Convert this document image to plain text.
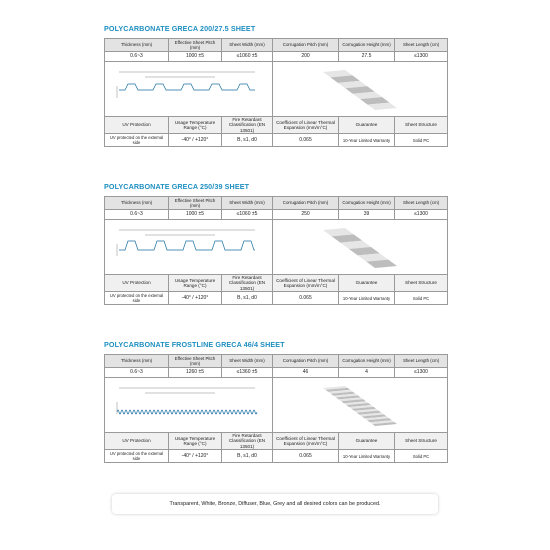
POLYCARBONATE GRECA 200/27.5 SHEET
Thickness (mm)	Effective Sheet Pitch (mm)	Sheet Width (mm)	Corrugation Pitch (mm)	Corrugation Height (mm)	Sheet Length (cm)
0.6~3	1000 ±5	≤1060 ±5	200	27.5	≤1300

UV Protection	Usage Temperature Range (°C)	Fire Retardant Classification (EN 13501)	Coefficient of Linear Thermal Expansion (mm/m°C)	Guarantee	Sheet Structure
UV protected on the external side	-40° / +120°	B, s1, d0	0.065	10-Year Limited Warranty	Solid PC
POLYCARBONATE GRECA 250/39 SHEET
Thickness (mm)	Effective Sheet Pitch (mm)	Sheet Width (mm)	Corrugation Pitch (mm)	Corrugation Height (mm)	Sheet Length (cm)
0.6~3	1000 ±5	≤1060 ±5	250	39	≤1300

UV Protection	Usage Temperature Range (°C)	Fire Retardant Classification (EN 13501)	Coefficient of Linear Thermal Expansion (mm/m°C)	Guarantee	Sheet Structure
UV protected on the external side	-40° / +120°	B, s1, d0	0.065	10-Year Limited Warranty	Solid PC
POLYCARBONATE FROSTLINE GRECA 46/4 SHEET
Thickness (mm)	Effective Sheet Pitch (mm)	Sheet Width (mm)	Corrugation Pitch (mm)	Corrugation Height (mm)	Sheet Length (cm)
0.6~3	1260 ±5	≤1360 ±5	46	4	≤1300

UV Protection	Usage Temperature Range (°C)	Fire Retardant Classification (EN 13501)	Coefficient of Linear Thermal Expansion (mm/m°C)	Guarantee	Sheet Structure
UV protected on the external side	-40° / +120°	B, s1, d0	0.065	10-Year Limited Warranty	Solid PC
Transparent, White, Bronze, Diffuser, Blue, Grey and all desired colors can be produced.
